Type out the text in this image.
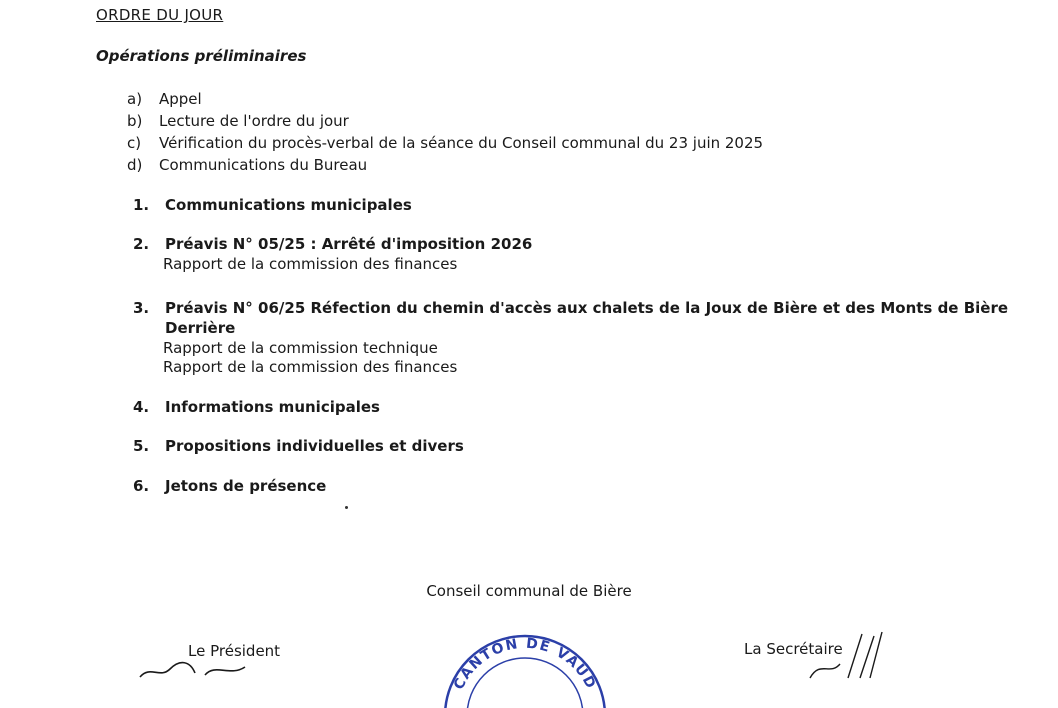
ORDRE DU JOUR
Opérations préliminaires
a) Appel
b) Lecture de l'ordre du jour
c) Vérification du procès-verbal de la séance du Conseil communal du 23 juin 2025
d) Communications du Bureau
1. Communications municipales
2. Préavis N° 05/25 : Arrêté d'imposition 2026
Rapport de la commission des finances
3. Préavis N° 06/25 Réfection du chemin d'accès aux chalets de la Joux de Bière et des Monts de Bière
Derrière
Rapport de la commission technique
Rapport de la commission des finances
4. Informations municipales
5. Propositions individuelles et divers
6. Jetons de présence
Conseil communal de Bière
Le Président	La Secrétaire
CANTON DE VAUD
